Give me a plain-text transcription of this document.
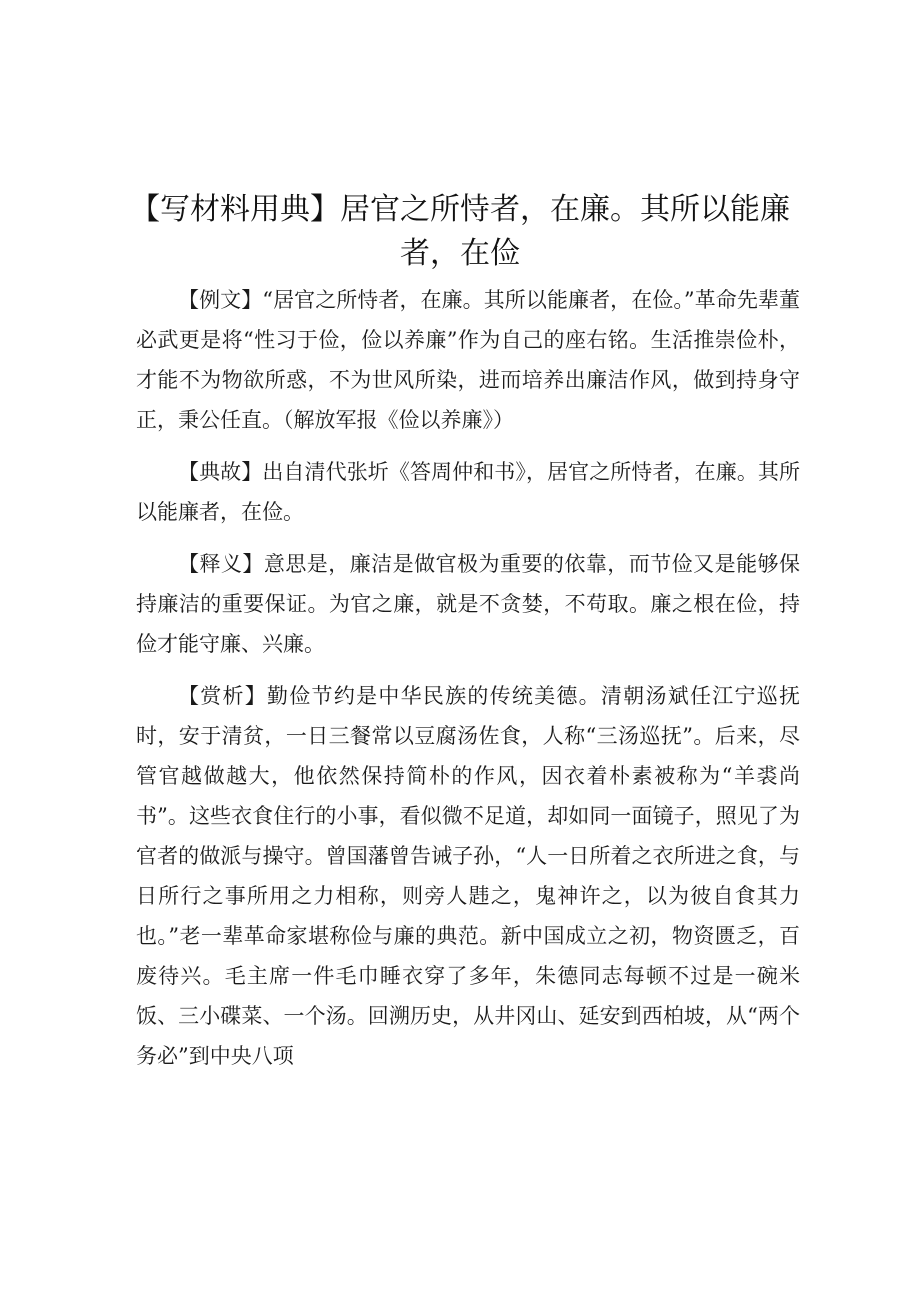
【写材料用典】居官之所恃者，在廉。其所以能廉者，在俭

【例文】“居官之所恃者，在廉。其所以能廉者，在俭。”革命先辈董必武更是将“性习于俭，俭以养廉”作为自己的座右铭。生活推崇俭朴，才能不为物欲所惑，不为世风所染，进而培养出廉洁作风，做到持身守正，秉公任直。（解放军报《俭以养廉》）

【典故】出自清代张圻《答周仲和书》，居官之所恃者，在廉。其所以能廉者，在俭。

【释义】意思是，廉洁是做官极为重要的依靠，而节俭又是能够保持廉洁的重要保证。为官之廉，就是不贪婪，不苟取。廉之根在俭，持俭才能守廉、兴廉。

【赏析】勤俭节约是中华民族的传统美德。清朝汤斌任江宁巡抚时，安于清贫，一日三餐常以豆腐汤佐食，人称“三汤巡抚”。后来，尽管官越做越大，他依然保持简朴的作风，因衣着朴素被称为“羊裘尚书”。这些衣食住行的小事，看似微不足道，却如同一面镜子，照见了为官者的做派与操守。曾国藩曾告诫子孙，“人一日所着之衣所进之食，与日所行之事所用之力相称，则旁人韪之，鬼神许之，以为彼自食其力也。”老一辈革命家堪称俭与廉的典范。新中国成立之初，物资匮乏，百废待兴。毛主席一件毛巾睡衣穿了多年，朱德同志每顿不过是一碗米饭、三小碟菜、一个汤。回溯历史，从井冈山、延安到西柏坡，从“两个务必”到中央八项
